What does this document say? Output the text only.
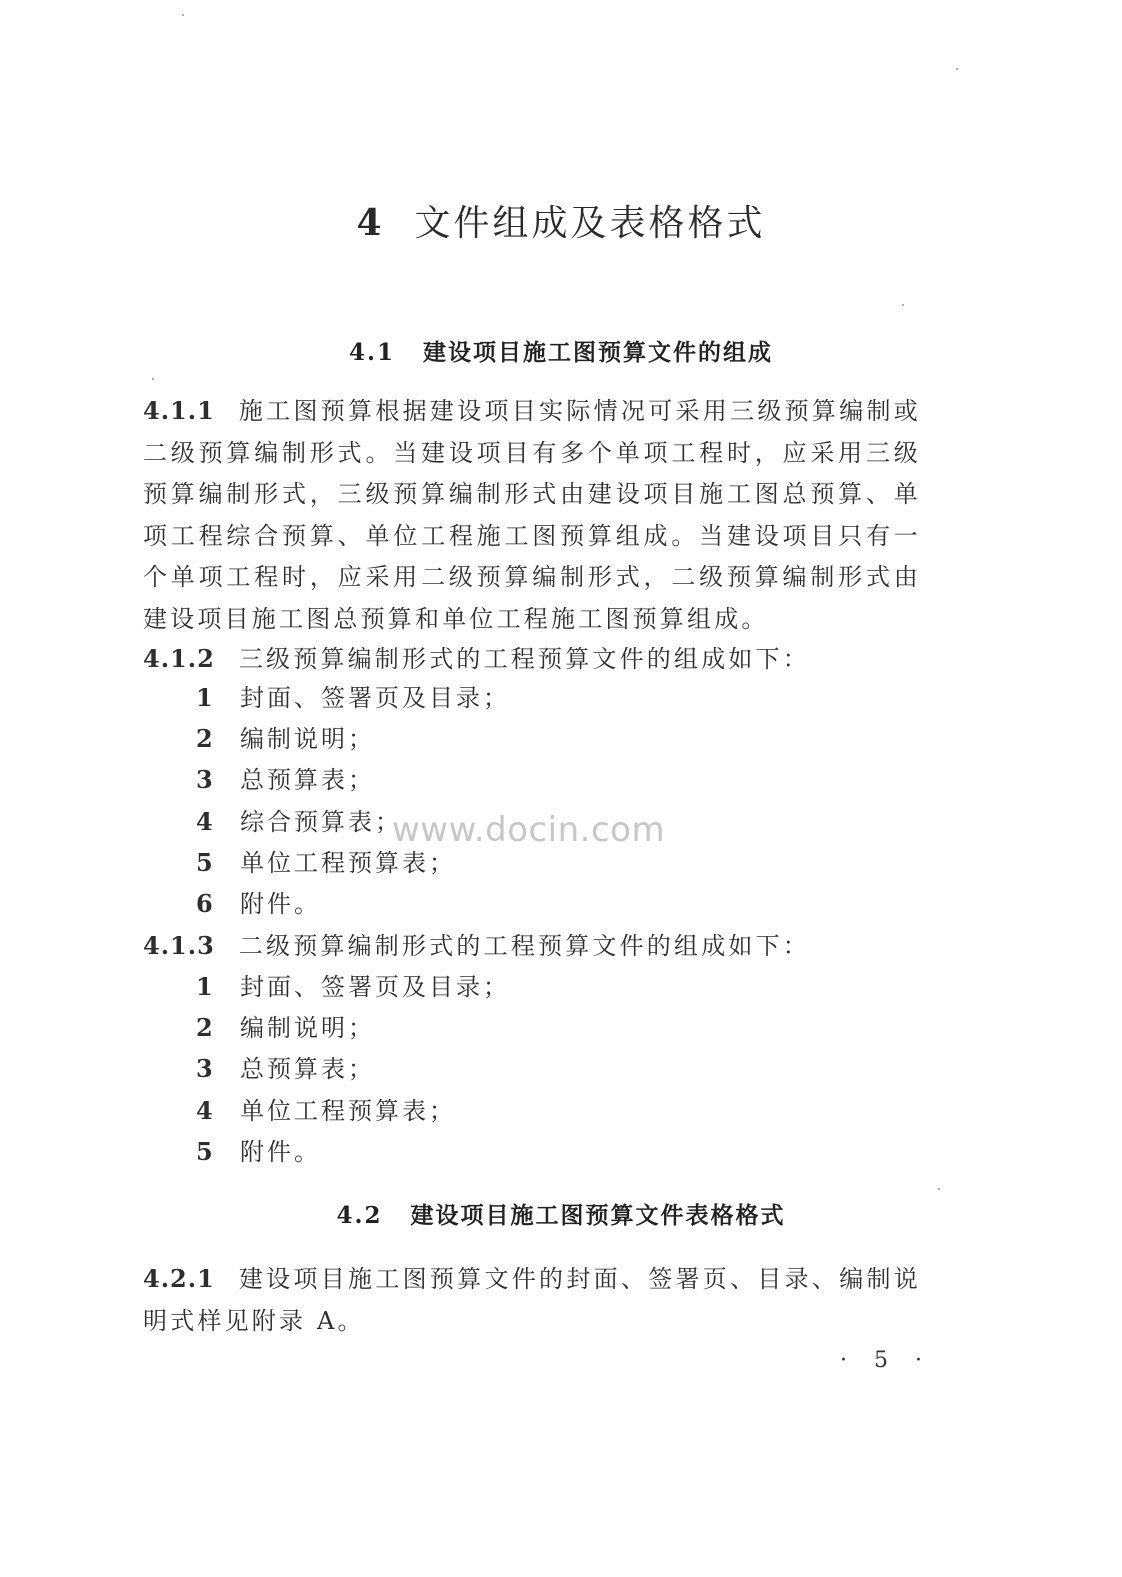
4 文件组成及表格格式
4.1 建设项目施工图预算文件的组成
4.1.1 施工图预算根据建设项目实际情况可采用三级预算编制或二级预算编制形式。当建设项目有多个单项工程时，应采用三级预算编制形式，三级预算编制形式由建设项目施工图总预算、单项工程综合预算、单位工程施工图预算组成。当建设项目只有一个单项工程时，应采用二级预算编制形式，二级预算编制形式由建设项目施工图总预算和单位工程施工图预算组成。
4.1.2 三级预算编制形式的工程预算文件的组成如下：
1 封面、签署页及目录；
2 编制说明；
3 总预算表；
4 综合预算表；
5 单位工程预算表；
6 附件。
4.1.3 二级预算编制形式的工程预算文件的组成如下：
1 封面、签署页及目录；
2 编制说明；
3 总预算表；
4 单位工程预算表；
5 附件。
4.2 建设项目施工图预算文件表格格式
4.2.1 建设项目施工图预算文件的封面、签署页、目录、编制说明式样见附录 A。
www.docin.com
· 5 ·
